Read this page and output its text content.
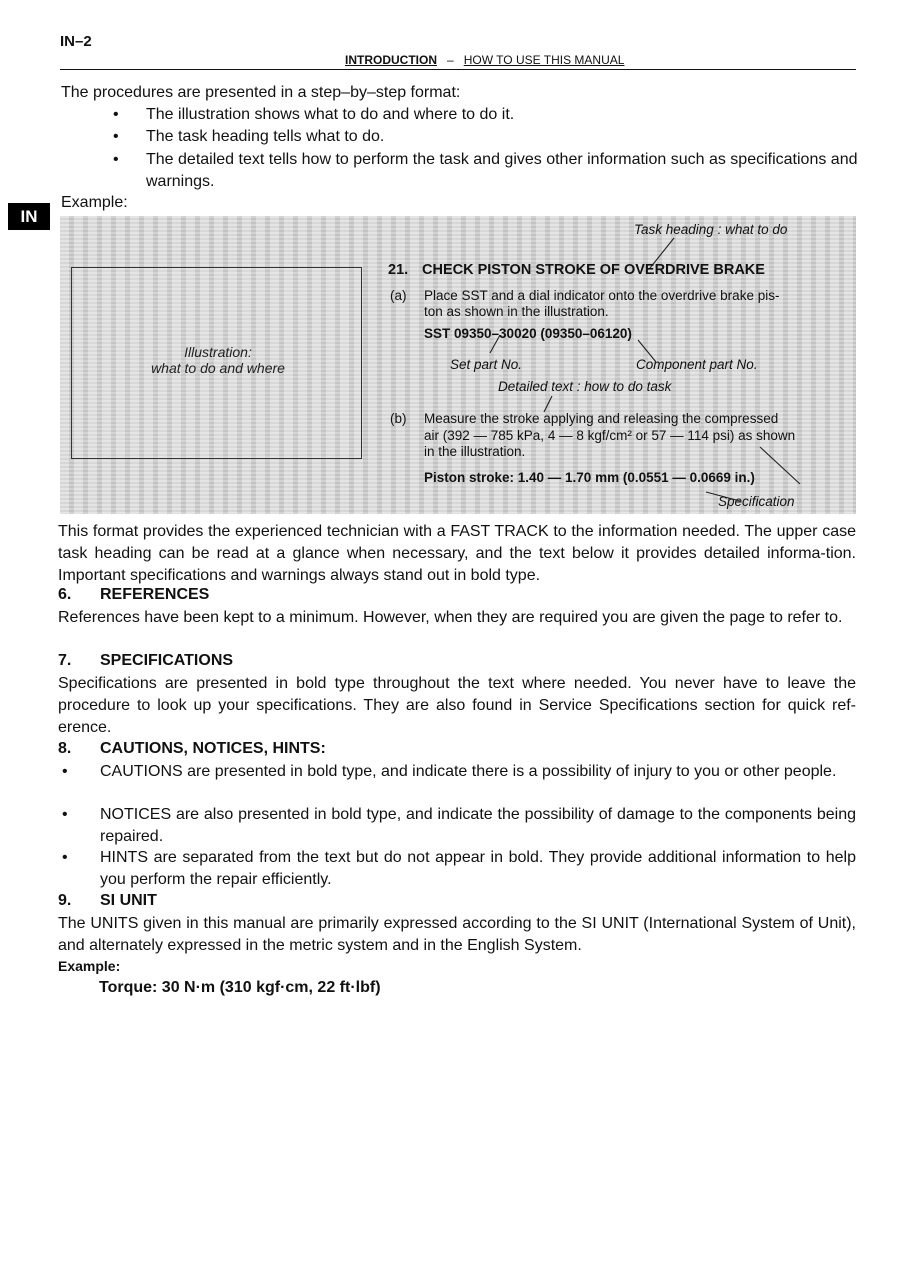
IN–2
INTRODUCTION – HOW TO USE THIS MANUAL
IN
The procedures are presented in a step–by–step format:
• The illustration shows what to do and where to do it.
• The task heading tells what to do.
• The detailed text tells how to perform the task and gives other information such as specifications and warnings.
Example:
Illustration:
what to do and where
Task heading : what to do
21. CHECK PISTON STROKE OF OVERDRIVE BRAKE
(a) Place SST and a dial indicator onto the overdrive brake pis-
ton as shown in the illustration.
SST 09350–30020 (09350–06120)
Set part No.	Component part No.
Detailed text : how to do task
(b) Measure the stroke applying and releasing the compressed
air (392 — 785 kPa, 4 — 8 kgf/cm² or 57 — 114 psi) as shown
in the illustration.
Piston stroke: 1.40 — 1.70 mm (0.0551 — 0.0669 in.)
Specification
This format provides the experienced technician with a FAST TRACK to the information needed. The upper case task heading can be read at a glance when necessary, and the text below it provides detailed informa-tion. Important specifications and warnings always stand out in bold type.
6. REFERENCES
References have been kept to a minimum. However, when they are required you are given the page to refer to.
7. SPECIFICATIONS
Specifications are presented in bold type throughout the text where needed. You never have to leave the procedure to look up your specifications. They are also found in Service Specifications section for quick ref-erence.
8. CAUTIONS, NOTICES, HINTS:
• CAUTIONS are presented in bold type, and indicate there is a possibility of injury to you or other people.
• NOTICES are also presented in bold type, and indicate the possibility of damage to the components being repaired.
• HINTS are separated from the text but do not appear in bold. They provide additional information to help you perform the repair efficiently.
9. SI UNIT
The UNITS given in this manual are primarily expressed according to the SI UNIT (International System of Unit), and alternately expressed in the metric system and in the English System.
Example:
Torque: 30 N·m (310 kgf·cm, 22 ft·lbf)
